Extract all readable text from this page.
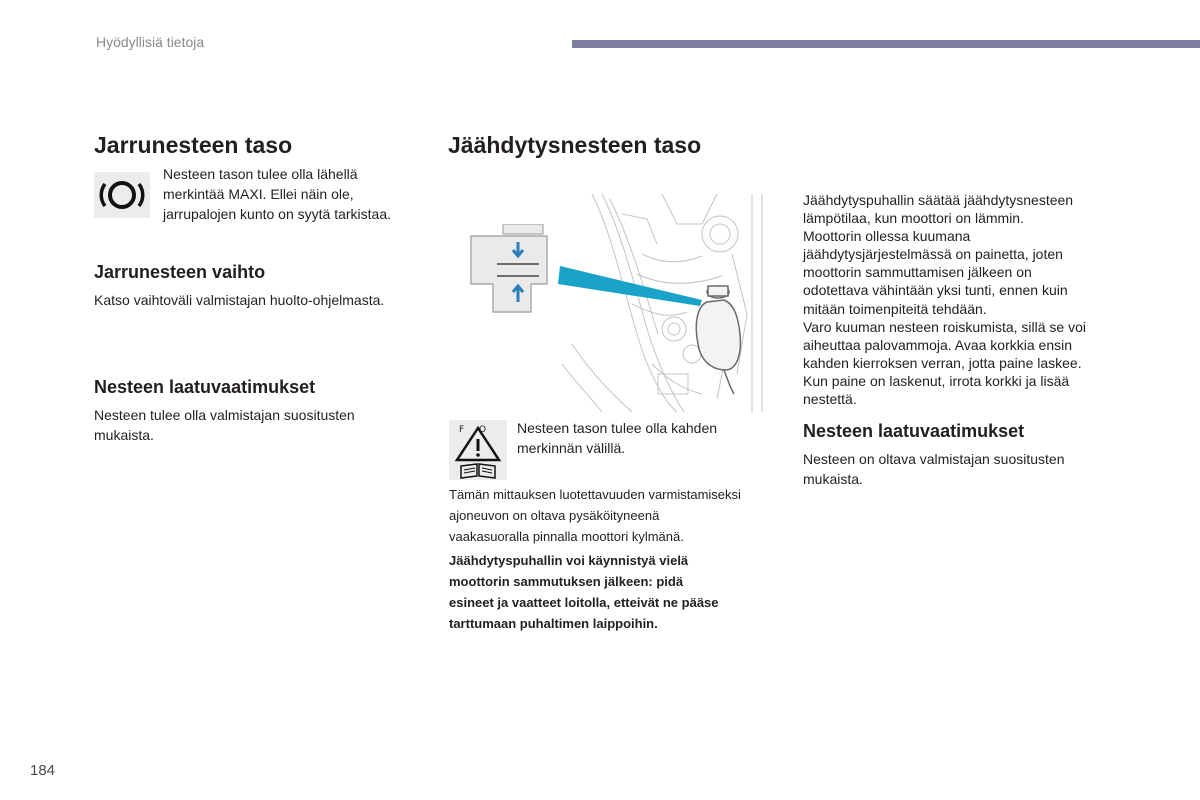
Hyödyllisiä tietoja
Jarrunesteen taso
Nesteen tason tulee olla lähellä
merkintää MAXI. Ellei näin ole,
jarrupalojen kunto on syytä tarkistaa.
Jarrunesteen vaihto
Katso vaihtoväli valmistajan huolto-ohjelmasta.
Nesteen laatuvaatimukset
Nesteen tulee olla valmistajan suositusten
mukaista.
Jäähdytysnesteen taso
F O Nesteen tason tulee olla kahden
merkinnän välillä.
Tämän mittauksen luotettavuuden varmistamiseksi
ajoneuvon on oltava pysäköityneenä
vaakasuoralla pinnalla moottori kylmänä.
Jäähdytyspuhallin voi käynnistyä vielä
moottorin sammutuksen jälkeen: pidä
esineet ja vaatteet loitolla, etteivät ne pääse
tarttumaan puhaltimen laippoihin.
Jäähdytyspuhallin säätää jäähdytysnesteen
lämpötilaa, kun moottori on lämmin.
Moottorin ollessa kuumana
jäähdytysjärjestelmässä on painetta, joten
moottorin sammuttamisen jälkeen on
odotettava vähintään yksi tunti, ennen kuin
mitään toimenpiteitä tehdään.
Varo kuuman nesteen roiskumista, sillä se voi
aiheuttaa palovammoja. Avaa korkkia ensin
kahden kierroksen verran, jotta paine laskee.
Kun paine on laskenut, irrota korkki ja lisää
nestettä.
Nesteen laatuvaatimukset
Nesteen on oltava valmistajan suositusten
mukaista.
184
